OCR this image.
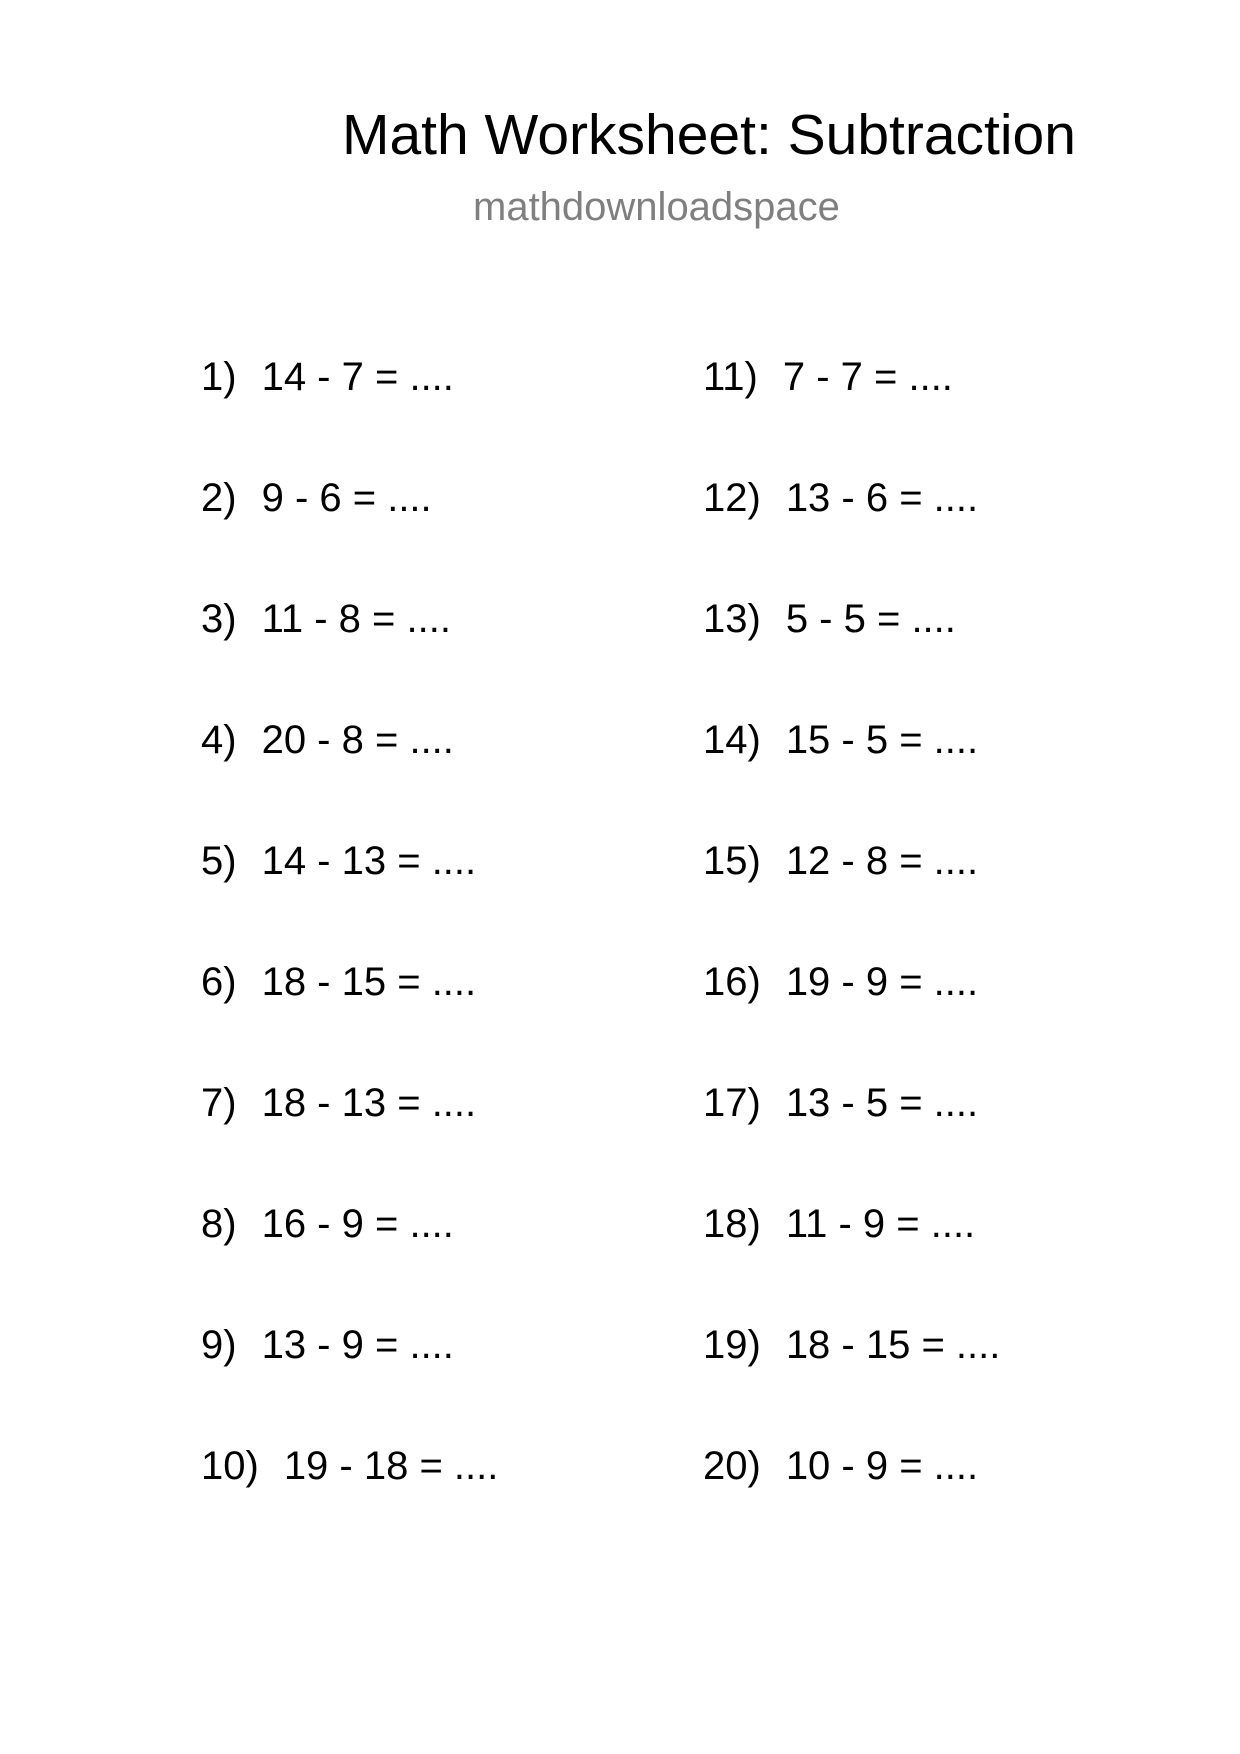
Math Worksheet: Subtraction
mathdownloadspace
1) 14 - 7 = ....
2) 9 - 6 = ....
3) 11 - 8 = ....
4) 20 - 8 = ....
5) 14 - 13 = ....
6) 18 - 15 = ....
7) 18 - 13 = ....
8) 16 - 9 = ....
9) 13 - 9 = ....
10) 19 - 18 = ....
11) 7 - 7 = ....
12) 13 - 6 = ....
13) 5 - 5 = ....
14) 15 - 5 = ....
15) 12 - 8 = ....
16) 19 - 9 = ....
17) 13 - 5 = ....
18) 11 - 9 = ....
19) 18 - 15 = ....
20) 10 - 9 = ....
